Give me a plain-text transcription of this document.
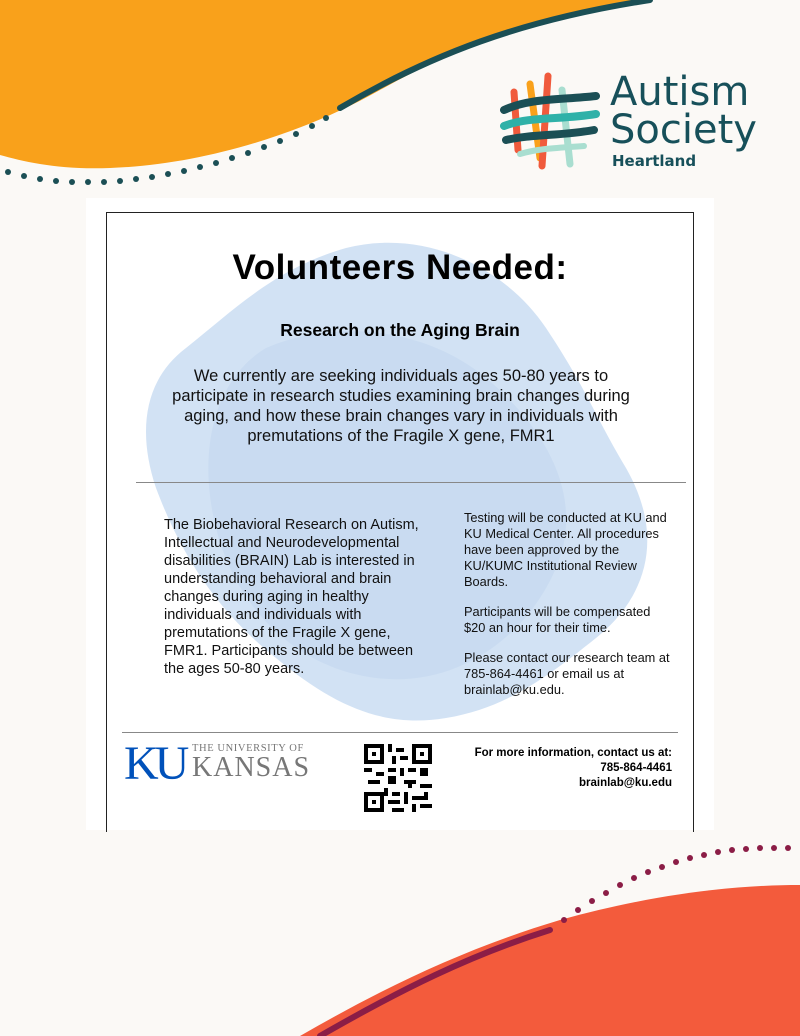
Autism
Society
Heartland
Volunteers Needed:
Research on the Aging Brain
We currently are seeking individuals ages 50-80 years to participate in research studies examining brain changes during aging, and how these brain changes vary in individuals with premutations of the Fragile X gene, FMR1
The Biobehavioral Research on Autism, Intellectual and Neurodevelopmental disabilities (BRAIN) Lab is interested in understanding behavioral and brain changes during aging in healthy individuals and individuals with premutations of the Fragile X gene, FMR1. Participants should be between the ages 50-80 years.

Testing will be conducted at KU and KU Medical Center. All procedures have been approved by the KU/KUMC Institutional Review Boards.

Participants will be compensated $20 an hour for their time.

Please contact our research team at 785-864-4461 or email us at brainlab@ku.edu.

KU THE UNIVERSITY OF
KANSAS	For more information, contact us at:
785-864-4461
brainlab@ku.edu
